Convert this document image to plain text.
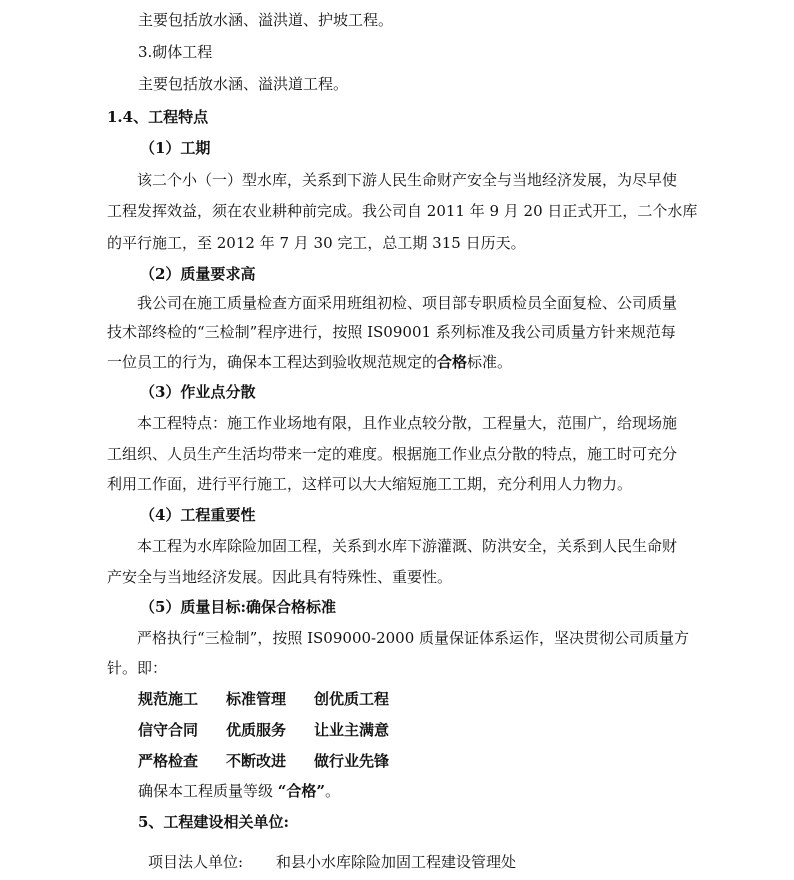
主要包括放水涵、溢洪道、护坡工程。
3.砌体工程
主要包括放水涵、溢洪道工程。
1.4、工程特点
（1）工期
该二个小（一）型水库，关系到下游人民生命财产安全与当地经济发展，为尽早使
工程发挥效益，须在农业耕种前完成。我公司自 2011 年 9 月 20 日正式开工，二个水库
的平行施工，至 2012 年 7 月 30 完工，总工期 315 日历天。
（2）质量要求高
我公司在施工质量检查方面采用班组初检、项目部专职质检员全面复检、公司质量
技术部终检的“三检制”程序进行，按照 IS09001 系列标准及我公司质量方针来规范每
一位员工的行为，确保本工程达到验收规范规定的合格标准。
（3）作业点分散
本工程特点：施工作业场地有限，且作业点较分散，工程量大，范围广，给现场施
工组织、人员生产生活均带来一定的难度。根据施工作业点分散的特点，施工时可充分
利用工作面，进行平行施工，这样可以大大缩短施工工期，充分利用人力物力。
（4）工程重要性
本工程为水库除险加固工程，关系到水库下游灌溉、防洪安全，关系到人民生命财
产安全与当地经济发展。因此具有特殊性、重要性。
（5）质量目标:确保合格标准
严格执行“三检制”，按照 IS09000-2000 质量保证体系运作，坚决贯彻公司质量方
针。即：
规范施工 标准管理 创优质工程
信守合同 优质服务 让业主满意
严格检查 不断改进 做行业先锋
确保本工程质量等级 “合格”。
5、工程建设相关单位:
项目法人单位: 和县小水库除险加固工程建设管理处
